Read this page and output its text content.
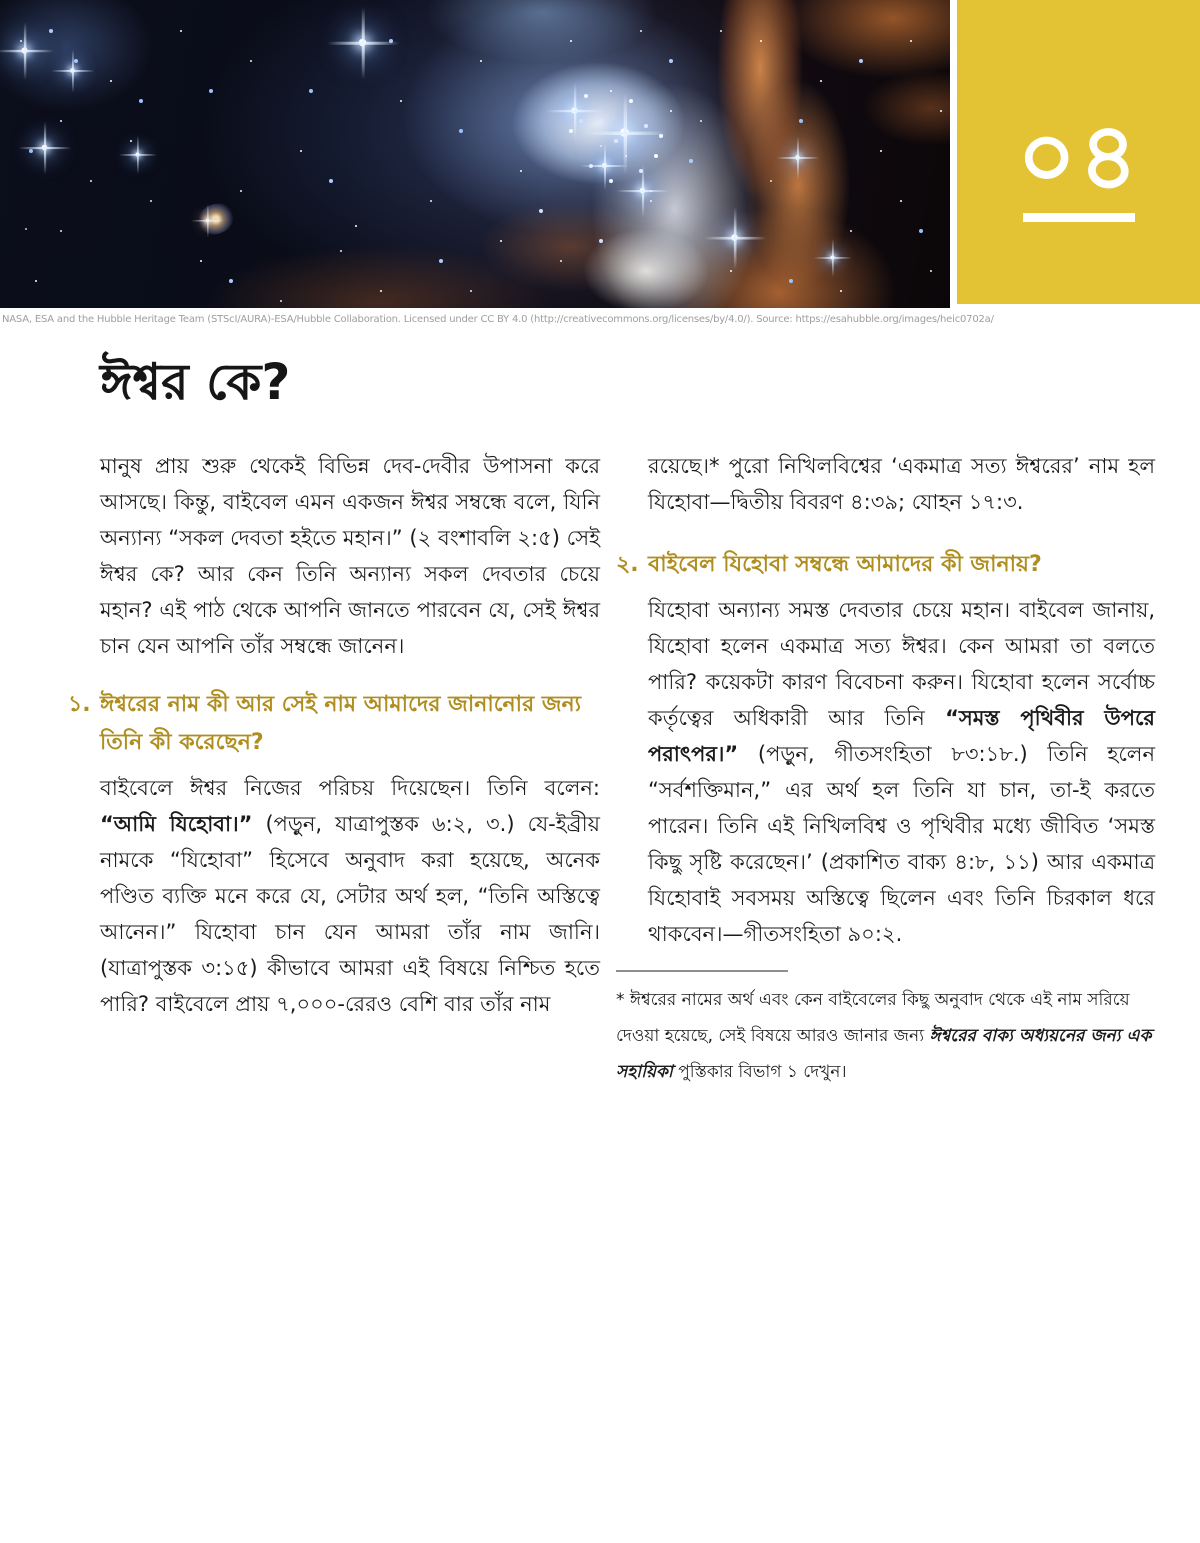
০৪
NASA, ESA and the Hubble Heritage Team (STScI/AURA)-ESA/Hubble Collaboration. Licensed under CC BY 4.0 (http://creativecommons.org/licenses/by/4.0/). Source: https://esahubble.org/images/heic0702a/
ঈশ্বর কে?

মানুষ প্রায় শুরু থেকেই বিভিন্ন দেব-দেবীর উপাসনা করে আসছে। কিন্তু, বাইবেল এমন একজন ঈশ্বর সম্বন্ধে বলে, যিনি অন্যান্য “সকল দেবতা হইতে মহান।” (২ বংশাবলি ২:৫) সেই ঈশ্বর কে? আর কেন তিনি অন্যান্য সকল দেবতার চেয়ে মহান? এই পাঠ থেকে আপনি জানতে পারবেন যে, সেই ঈশ্বর চান যেন আপনি তাঁর সম্বন্ধে জানেন।

১. ঈশ্বরের নাম কী আর সেই নাম আমাদের জানানোর জন্য তিনি কী করেছেন?

বাইবেলে ঈশ্বর নিজের পরিচয় দিয়েছেন। তিনি বলেন: “আমি যিহোবা।” (পড়ুন, যাত্রাপুস্তক ৬:২, ৩.) যে-ইব্রীয় নামকে “যিহোবা” হিসেবে অনুবাদ করা হয়েছে, অনেক পণ্ডিত ব্যক্তি মনে করে যে, সেটার অর্থ হল, “তিনি অস্তিত্বে আনেন।” যিহোবা চান যেন আমরা তাঁর নাম জানি। (যাত্রাপুস্তক ৩:১৫) কীভাবে আমরা এই বিষয়ে নিশ্চিত হতে পারি? বাইবেলে প্রায় ৭,০০০-রেরও বেশি বার তাঁর নাম

রয়েছে।* পুরো নিখিলবিশ্বের ‘একমাত্র সত্য ঈশ্বরের’ নাম হল যিহোবা—দ্বিতীয় বিবরণ ৪:৩৯; যোহন ১৭:৩.

২. বাইবেল যিহোবা সম্বন্ধে আমাদের কী জানায়?

যিহোবা অন্যান্য সমস্ত দেবতার চেয়ে মহান। বাইবেল জানায়, যিহোবা হলেন একমাত্র সত্য ঈশ্বর। কেন আমরা তা বলতে পারি? কয়েকটা কারণ বিবেচনা করুন। যিহোবা হলেন সর্বোচ্চ কর্তৃত্বের অধিকারী আর তিনি “সমস্ত পৃথিবীর উপরে পরাৎপর।” (পড়ুন, গীতসংহিতা ৮৩:১৮.) তিনি হলেন “সর্বশক্তিমান,” এর অর্থ হল তিনি যা চান, তা-ই করতে পারেন। তিনি এই নিখিলবিশ্ব ও পৃথিবীর মধ্যে জীবিত ‘সমস্ত কিছু সৃষ্টি করেছেন।’ (প্রকাশিত বাক্য ৪:৮, ১১) আর একমাত্র যিহোবাই সবসময় অস্তিত্বে ছিলেন এবং তিনি চিরকাল ধরে থাকবেন।—গীতসংহিতা ৯০:২.

* ঈশ্বরের নামের অর্থ এবং কেন বাইবেলের কিছু অনুবাদ থেকে এই নাম সরিয়ে দেওয়া হয়েছে, সেই বিষয়ে আরও জানার জন্য ঈশ্বরের বাক্য অধ্যয়নের জন্য এক সহায়িকা পুস্তিকার বিভাগ ১ দেখুন।
